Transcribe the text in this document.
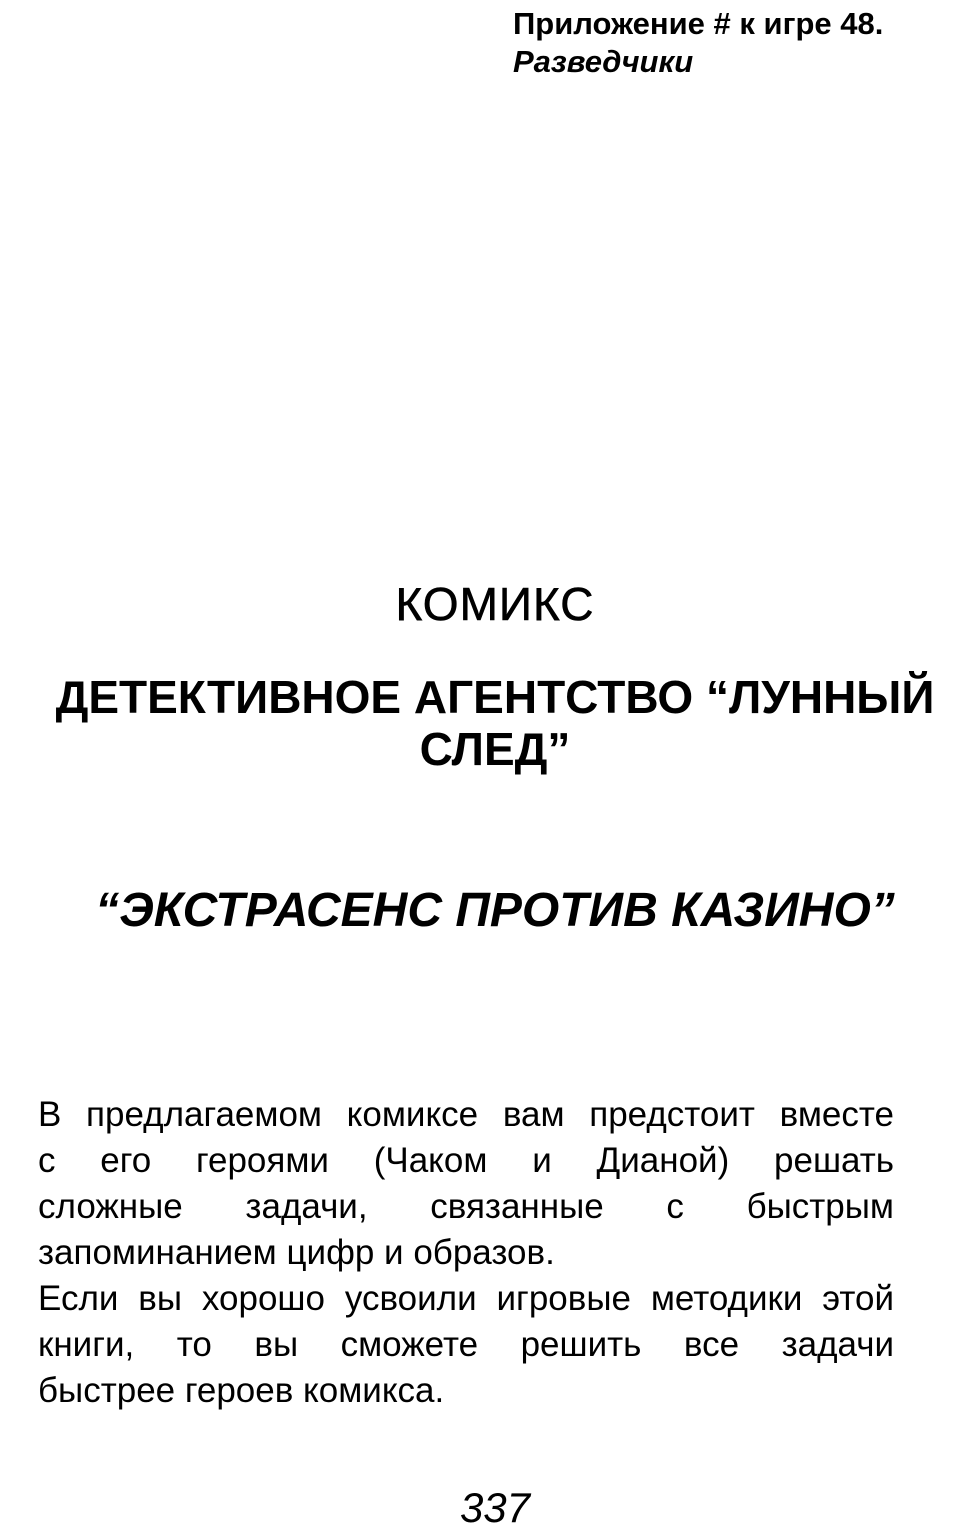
Приложение # к игре 48.
Разведчики
КОМИКС
ДЕТЕКТИВНОЕ АГЕНТСТВО “ЛУННЫЙ СЛЕД”
“ЭКСТРАСЕНС ПРОТИВ КАЗИНО”
В предлагаемом комиксе вам предстоит вместе
с его героями (Чаком и Дианой) решать
сложные задачи, связанные с быстрым
запоминанием цифр и образов.
Если вы хорошо усвоили игровые методики этой
книги, то вы сможете решить все задачи
быстрее героев комикса.
337
